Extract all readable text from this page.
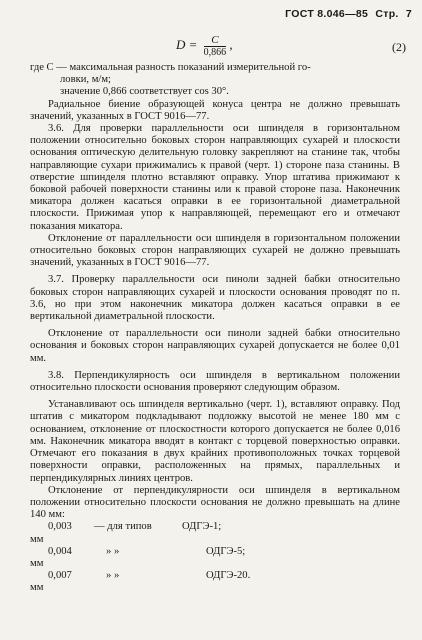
ГОСТ 8.046—85 Стр. 7
$D = \frac{C}{0,866}$ ,	(2)

где C — максимальная разность показаний измерительной го-

ловки, м/м;

значение 0,866 соответствует cos 30°.

Радиальное биение образующей конуса центра не должно превышать значений, указанных в ГОСТ 9016—77.

3.6. Для проверки параллельности оси шпинделя в горизонтальном положении относительно боковых сторон направляющих сухарей и плоскости основания оптическую делительную головку закрепляют на станине так, чтобы направляющие сухари прижимались к правой (черт. 1) стороне паза станины. В отверстие шпинделя плотно вставляют оправку. Упор штатива прижимают к боковой рабочей поверхности станины или к правой стороне паза. Наконечник микатора должен касаться оправки в ее горизонтальной диаметральной плоскости. Прижимая упор к направляющей, перемещают его и отмечают показания микатора.

Отклонение от параллельности оси шпинделя в горизонтальном положении относительно боковых сторон направляющих сухарей не должно превышать значений, указанных в ГОСТ 9016—77.

3.7. Проверку параллельности оси пиноли задней бабки относительно боковых сторон направляющих сухарей и плоскости основания проводят по п. 3.6, но при этом наконечник микатора должен касаться оправки в ее вертикальной диаметральной плоскости.

Отклонение от параллельности оси пиноли задней бабки относительно основания и боковых сторон направляющих сухарей допускается не более 0,01 мм.

3.8. Перпендикулярность оси шпинделя в вертикальном положении относительно плоскости основания проверяют следующим образом.

Устанавливают ось шпинделя вертикально (черт. 1), вставляют оправку. Под штатив с микатором подкладывают подложку высотой не менее 180 мм с основанием, отклонение от плоскостности которого допускается не более 0,016 мм. Наконечник микатора вводят в контакт с торцевой поверхностью оправки. Отмечают его показания в двух крайних противоположных точках торцевой поверхности оправки, расположенных на прямых, параллельных и перпендикулярных линиях центров.

Отклонение от перпендикулярности оси шпинделя в вертикальном положении относительно плоскости основания не должно превышать на длине 140 мм:

0,003 мм
— для типов	ОДГЭ-1;

0,004 мм
» »	ОДГЭ-5;

0,007 мм
» »	ОДГЭ-20.
